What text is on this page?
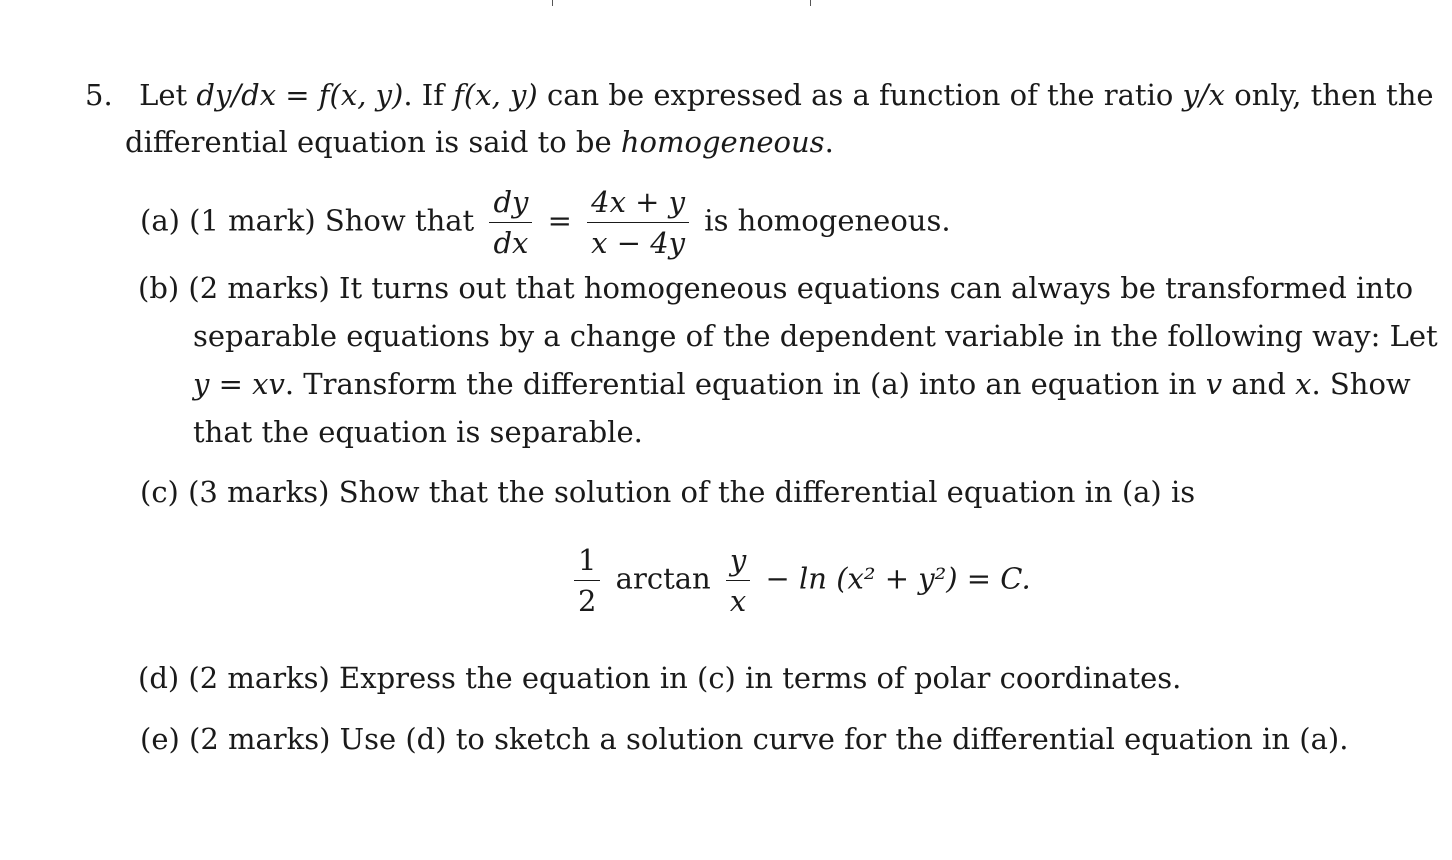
5. Let dy/dx = f(x, y). If f(x, y) can be expressed as a function of the ratio y/x only, then the
differential equation is said to be homogeneous.
(a) (1 mark) Show that $\frac{dy}{dx} = \frac{4x + y}{x - 4y}$ is homogeneous.
(b) (2 marks) It turns out that homogeneous equations can always be transformed into
separable equations by a change of the dependent variable in the following way: Let
y = xv. Transform the differential equation in (a) into an equation in v and x. Show
that the equation is separable.
(c) (3 marks) Show that the solution of the differential equation in (a) is
$\frac{1}{2}$ $\arctan \frac{y}{x} - \ln (x^2 + y^2) = C$.
(d) (2 marks) Express the equation in (c) in terms of polar coordinates.
(e) (2 marks) Use (d) to sketch a solution curve for the differential equation in (a).
